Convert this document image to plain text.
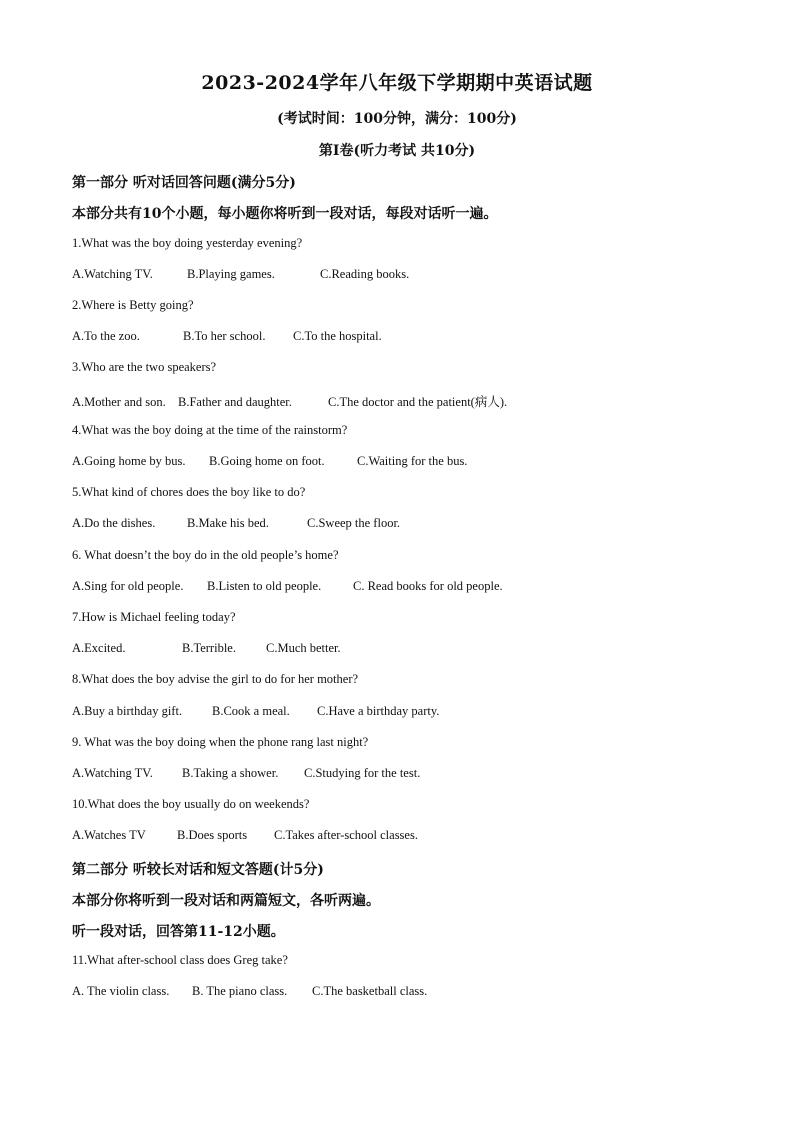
2023-2024学年八年级下学期期中英语试题
(考试时间：100分钟，满分：100分)
第I卷(听力考试 共10分)
第一部分 听对话回答问题(满分5分)
本部分共有10个小题，每小题你将听到一段对话，每段对话听一遍。
1.What was the boy doing yesterday evening?
A.Watching TV.	B.Playing games.	C.Reading books.
2.Where is Betty going?
A.To the zoo.	B.To her school. C.To the hospital.
3.Who are the two speakers?
A.Mother and son. B.Father and daughter.	C.The doctor and the patient(病人).
4.What was the boy doing at the time of the rainstorm?
A.Going home by bus. B.Going home on foot.	C.Waiting for the bus.
5.What kind of chores does the boy like to do?
A.Do the dishes.	B.Make his bed.	C.Sweep the floor.
6. What doesn’t the boy do in the old people’s home?
A.Sing for old people. B.Listen to old people.	C. Read books for old people.
7.How is Michael feeling today?
A.Excited.	B.Terrible. C.Much better.
8.What does the boy advise the girl to do for her mother?
A.Buy a birthday gift. B.Cook a meal. C.Have a birthday party.
9. What was the boy doing when the phone rang last night?
A.Watching TV. B.Taking a shower. C.Studying for the test.
10.What does the boy usually do on weekends?
A.Watches TV	B.Does sports C.Takes after-school classes.
第二部分 听较长对话和短文答题(计5分)
本部分你将听到一段对话和两篇短文，各听两遍。
听一段对话，回答第11-12小题。
11.What after-school class does Greg take?
A. The violin class. B. The piano class. C.The basketball class.
